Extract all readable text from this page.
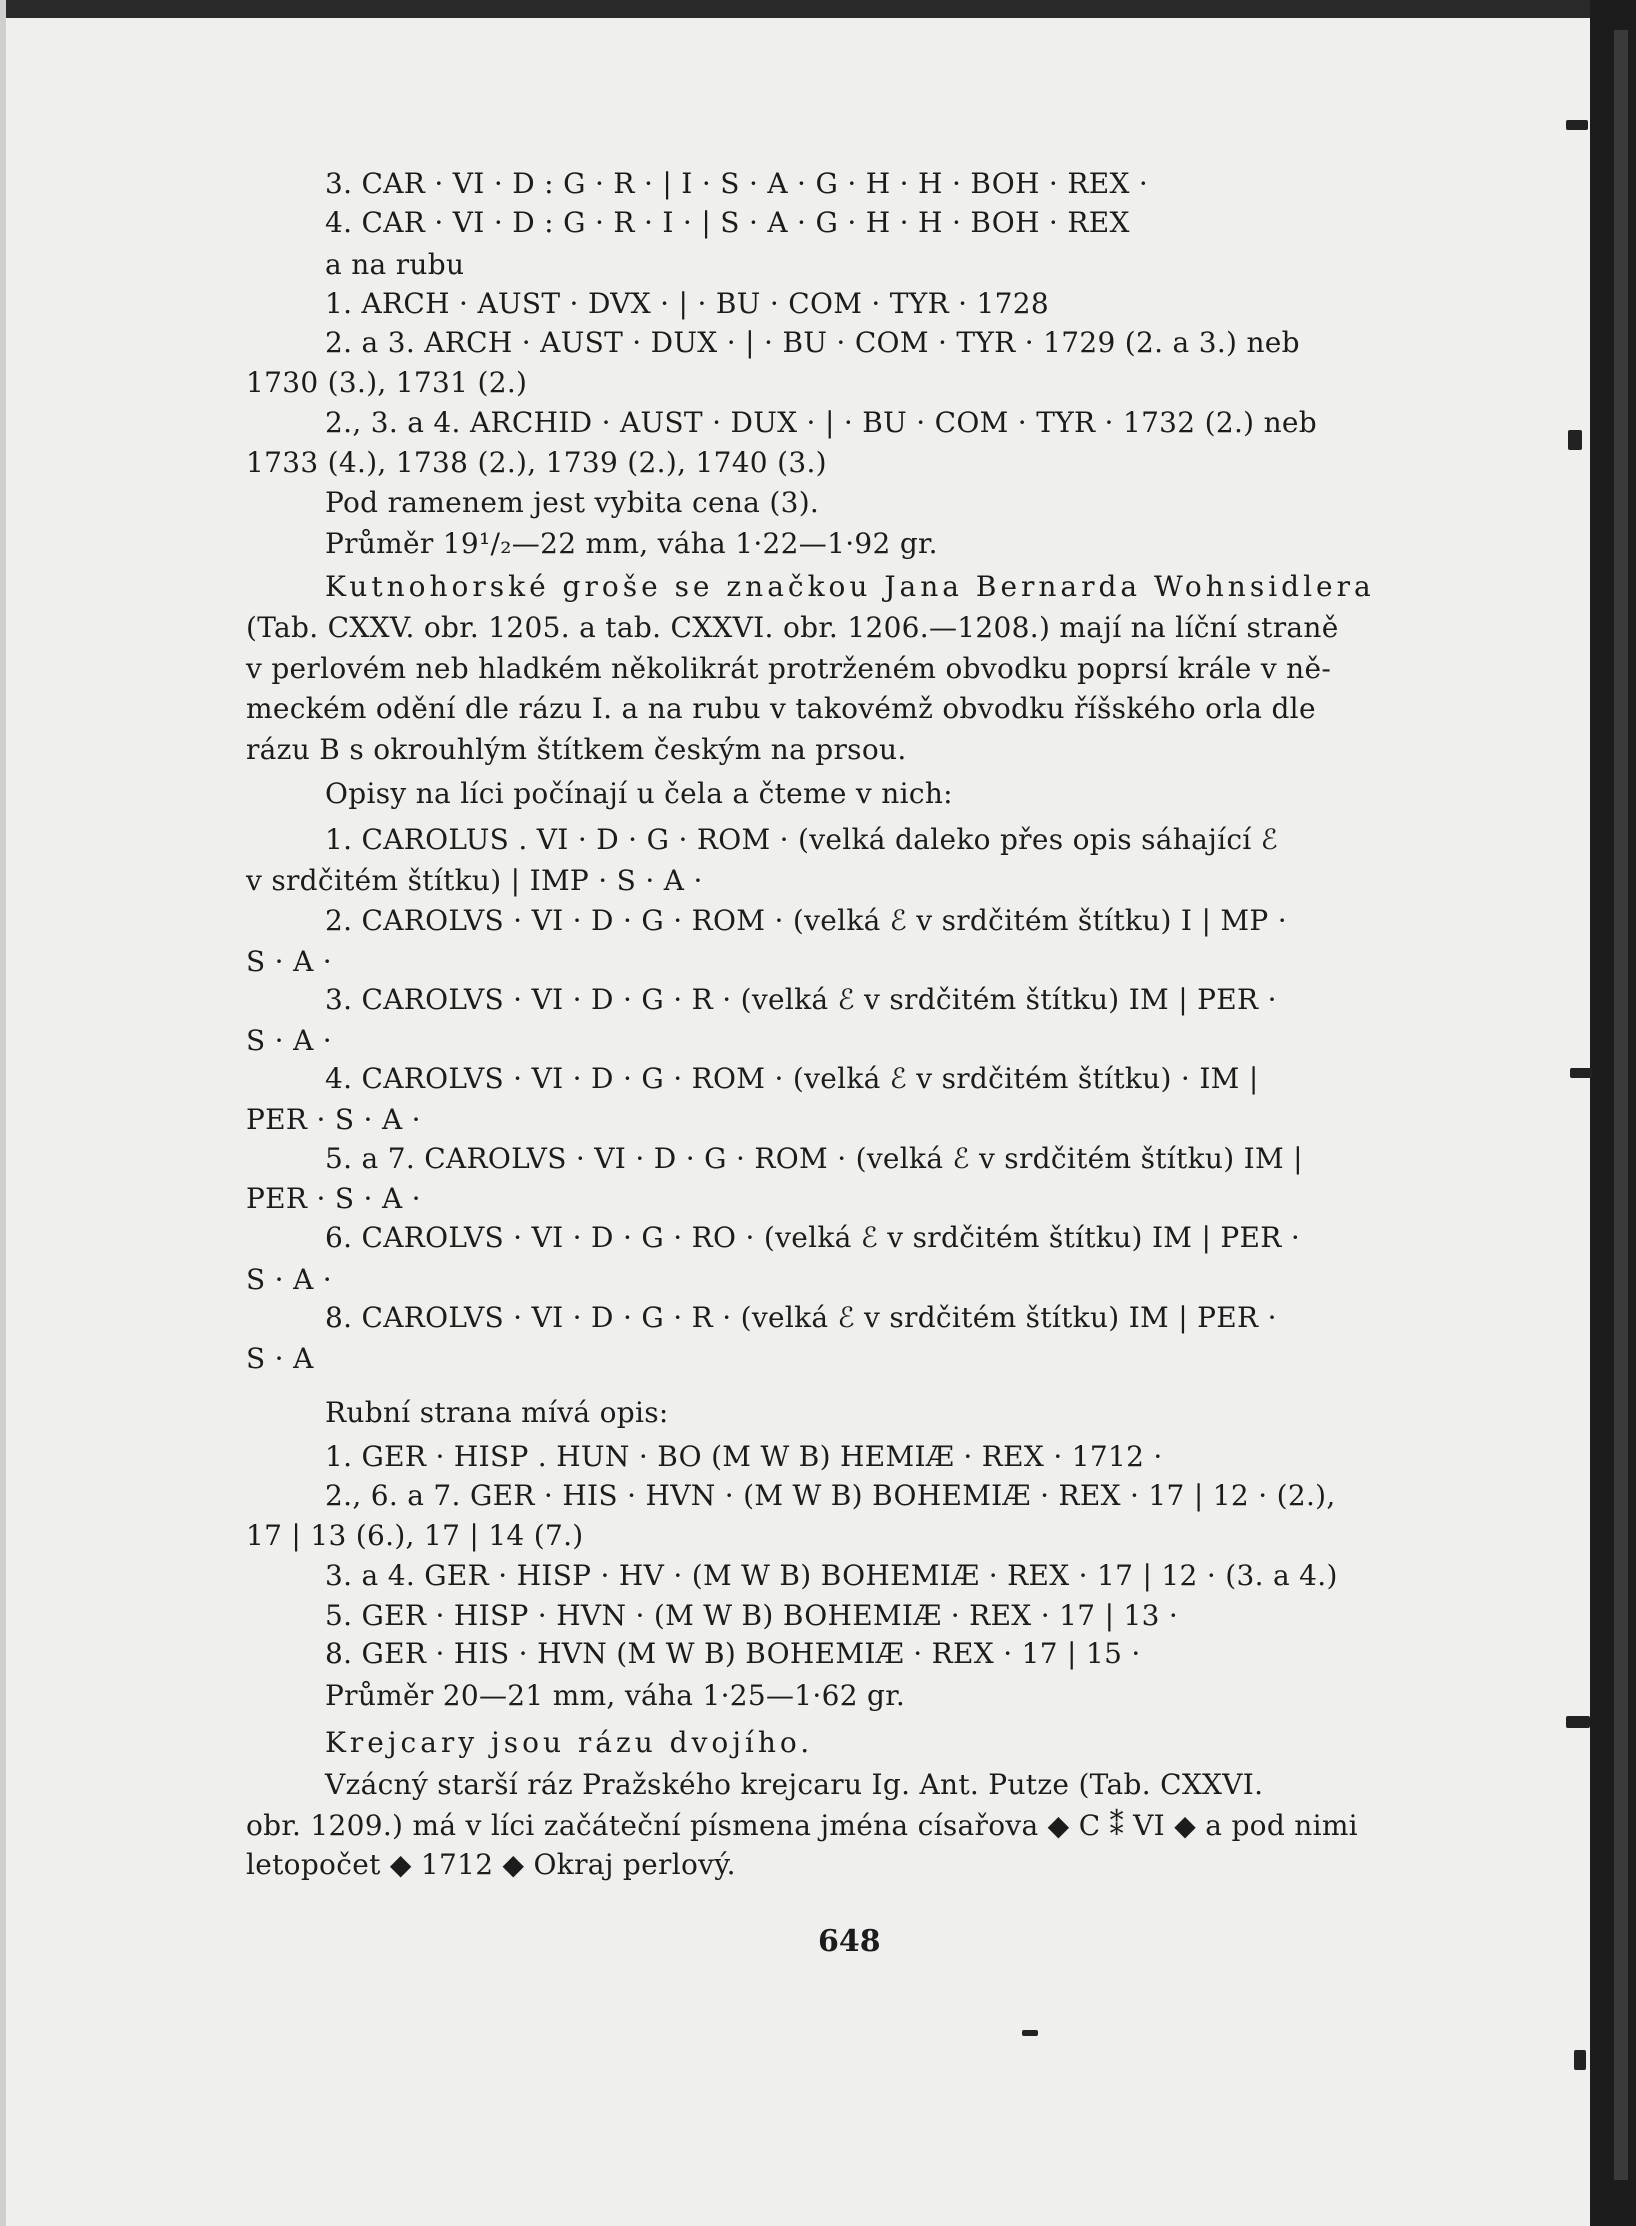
3. CAR · VI · D : G · R · | I · S · A · G · H · H · BOH · REX ·
4. CAR · VI · D : G · R · I · | S · A · G · H · H · BOH · REX
a na rubu
1. ARCH · AUST · DVX · | · BU · COM · TYR · 1728
2. a 3. ARCH · AUST · DUX · | · BU · COM · TYR · 1729 (2. a 3.) neb
1730 (3.), 1731 (2.)
2., 3. a 4. ARCHID · AUST · DUX · | · BU · COM · TYR · 1732 (2.) neb
1733 (4.), 1738 (2.), 1739 (2.), 1740 (3.)
Pod ramenem jest vybita cena (3).
Průměr 19¹/₂—22 mm, váha 1·22—1·92 gr.
Kutnohorské groše se značkou Jana Bernarda Wohnsidlera
(Tab. CXXV. obr. 1205. a tab. CXXVI. obr. 1206.—1208.) mají na líční straně
v perlovém neb hladkém několikrát protrženém obvodku poprsí krále v ně-
meckém odění dle rázu I. a na rubu v takovémž obvodku říšského orla dle
rázu B s okrouhlým štítkem českým na prsou.
Opisy na líci počínají u čela a čteme v nich:
1. CAROLUS . VI · D · G · ROM · (velká daleko přes opis sáhající ℰ
v srdčitém štítku) | IMP · S · A ·
2. CAROLVS · VI · D · G · ROM · (velká ℰ v srdčitém štítku) I | MP ·
S · A ·
3. CAROLVS · VI · D · G · R · (velká ℰ v srdčitém štítku) IM | PER ·
S · A ·
4. CAROLVS · VI · D · G · ROM · (velká ℰ v srdčitém štítku) · IM |
PER · S · A ·
5. a 7. CAROLVS · VI · D · G · ROM · (velká ℰ v srdčitém štítku) IM |
PER · S · A ·
6. CAROLVS · VI · D · G · RO · (velká ℰ v srdčitém štítku) IM | PER ·
S · A ·
8. CAROLVS · VI · D · G · R · (velká ℰ v srdčitém štítku) IM | PER ·
S · A
Rubní strana mívá opis:
1. GER · HISP . HUN · BO (M W B) HEMIÆ · REX · 1712 ·
2., 6. a 7. GER · HIS · HVN · (M W B) BOHEMIÆ · REX · 17 | 12 · (2.),
17 | 13 (6.), 17 | 14 (7.)
3. a 4. GER · HISP · HV · (M W B) BOHEMIÆ · REX · 17 | 12 · (3. a 4.)
5. GER · HISP · HVN · (M W B) BOHEMIÆ · REX · 17 | 13 ·
8. GER · HIS · HVN (M W B) BOHEMIÆ · REX · 17 | 15 ·
Průměr 20—21 mm, váha 1·25—1·62 gr.
Krejcary jsou rázu dvojího.
Vzácný starší ráz Pražského krejcaru Ig. Ant. Putze (Tab. CXXVI.
obr. 1209.) má v líci začáteční písmena jména císařova ◆ C ⁑ VI ◆ a pod nimi
letopočet ◆ 1712 ◆ Okraj perlový.
648
